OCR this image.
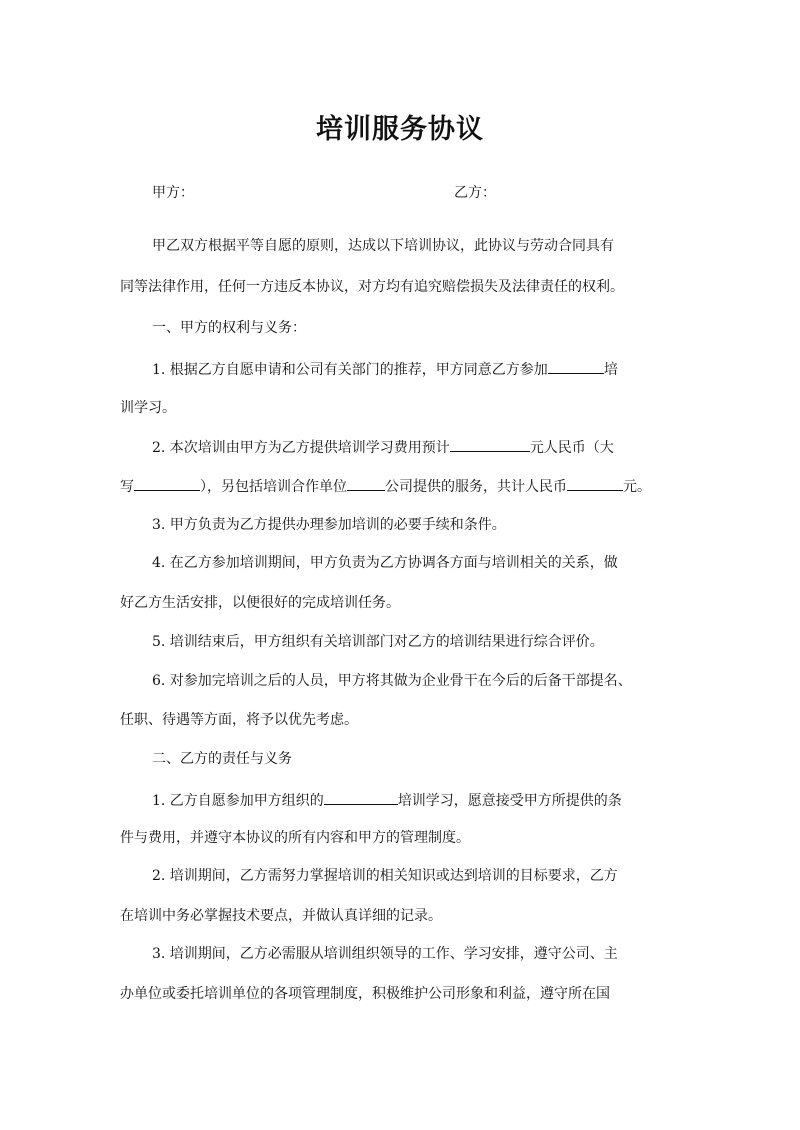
培训服务协议
甲方：	乙方：
甲乙双方根据平等自愿的原则，达成以下培训协议，此协议与劳动合同具有
同等法律作用，任何一方违反本协议，对方均有追究赔偿损失及法律责任的权利。
一、甲方的权利与义务：
1. 根据乙方自愿申请和公司有关部门的推荐，甲方同意乙方参加	培
训学习。
2. 本次培训由甲方为乙方提供培训学习费用预计	元人民币（大
写	），另包括培训合作单位	公司提供的服务，共计人民币	元。
3. 甲方负责为乙方提供办理参加培训的必要手续和条件。
4. 在乙方参加培训期间，甲方负责为乙方协调各方面与培训相关的关系，做
好乙方生活安排，以便很好的完成培训任务。
5. 培训结束后，甲方组织有关培训部门对乙方的培训结果进行综合评价。
6. 对参加完培训之后的人员，甲方将其做为企业骨干在今后的后备干部提名、
任职、待遇等方面，将予以优先考虑。
二、乙方的责任与义务
1. 乙方自愿参加甲方组织的	培训学习，愿意接受甲方所提供的条
件与费用，并遵守本协议的所有内容和甲方的管理制度。
2. 培训期间，乙方需努力掌握培训的相关知识或达到培训的目标要求，乙方
在培训中务必掌握技术要点，并做认真详细的记录。
3. 培训期间，乙方必需服从培训组织领导的工作、学习安排，遵守公司、主
办单位或委托培训单位的各项管理制度，积极维护公司形象和利益，遵守所在国
